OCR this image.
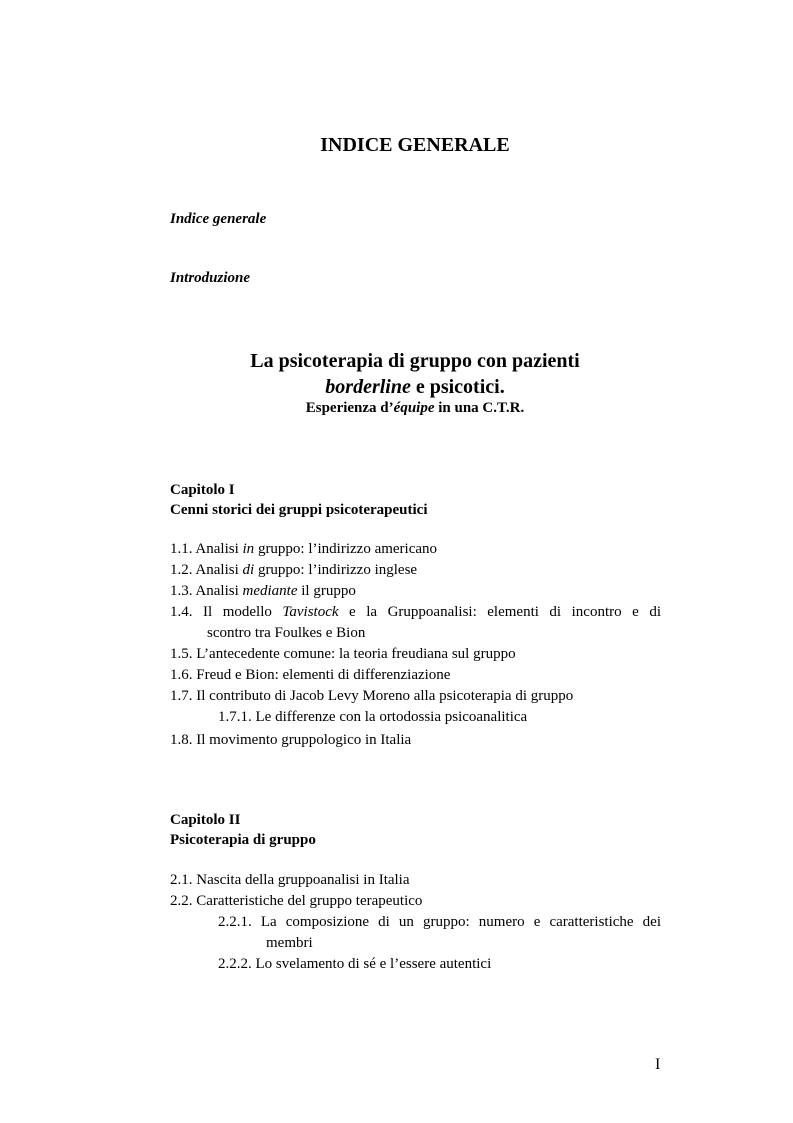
INDICE GENERALE
Indice generale
Introduzione
La psicoterapia di gruppo con pazienti
borderline e psicotici.
Esperienza d’équipe in una C.T.R.
Capitolo I
Cenni storici dei gruppi psicoterapeutici
1.1. Analisi in gruppo: l’indirizzo americano
1.2. Analisi di gruppo: l’indirizzo inglese
1.3. Analisi mediante il gruppo
1.4. Il modello Tavistock e la Gruppoanalisi: elementi di incontro e di
scontro tra Foulkes e Bion
1.5. L’antecedente comune: la teoria freudiana sul gruppo
1.6. Freud e Bion: elementi di differenziazione
1.7. Il contributo di Jacob Levy Moreno alla psicoterapia di gruppo
1.7.1. Le differenze con la ortodossia psicoanalitica
1.8. Il movimento gruppologico in Italia
Capitolo II
Psicoterapia di gruppo
2.1. Nascita della gruppoanalisi in Italia
2.2. Caratteristiche del gruppo terapeutico
2.2.1. La composizione di un gruppo: numero e caratteristiche dei
membri
2.2.2. Lo svelamento di sé e l’essere autentici
I
